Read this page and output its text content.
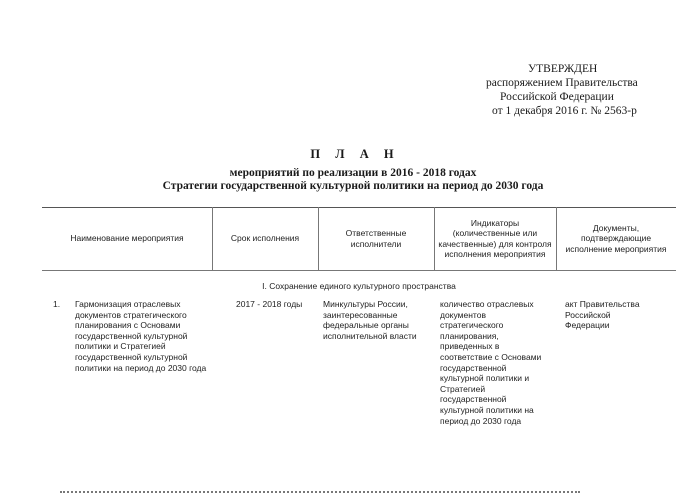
УТВЕРЖДЕН
распоряжением Правительства
Российской Федерации
от 1 декабря 2016 г. № 2563-р
П Л А Н
мероприятий по реализации в 2016 - 2018 годах
Стратегии государственной культурной политики на период до 2030 года
Наименование мероприятия	Срок исполнения
Ответственные исполнители
Индикаторы (количественные или качественные) для контроля исполнения мероприятия
Документы, подтверждающие исполнение мероприятия
I. Сохранение единого культурного пространства
1. Гармонизация отраслевых
документов стратегического
планирования с Основами
государственной культурной
политики и Стратегией
государственной культурной
политики на период до 2030 года
2017 - 2018 годы Минкультуры России,
заинтересованные
федеральные органы
исполнительной власти
количество отраслевых
документов
стратегического
планирования,
приведенных в
соответствие с Основами
государственной
культурной политики и
Стратегией
государственной
культурной политики на
период до 2030 года
акт Правительства
Российской
Федерации
